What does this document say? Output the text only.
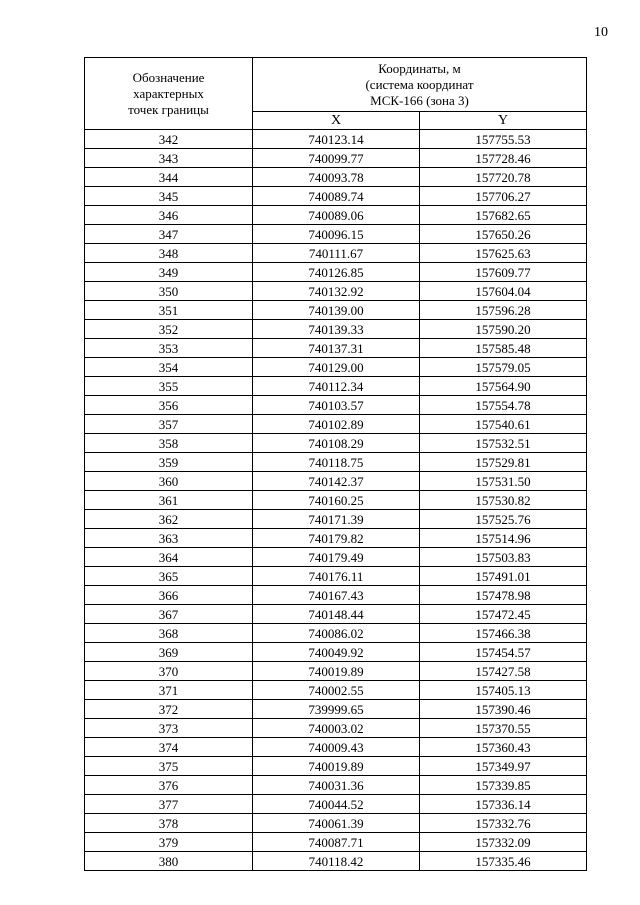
10
Обозначение
характерных
точек границы	Координаты, м
(система координат
МСК-166 (зона 3)	

	X	Y
342	740123.14	157755.53
343	740099.77	157728.46
344	740093.78	157720.78
345	740089.74	157706.27
346	740089.06	157682.65
347	740096.15	157650.26
348	740111.67	157625.63
349	740126.85	157609.77
350	740132.92	157604.04
351	740139.00	157596.28
352	740139.33	157590.20
353	740137.31	157585.48
354	740129.00	157579.05
355	740112.34	157564.90
356	740103.57	157554.78
357	740102.89	157540.61
358	740108.29	157532.51
359	740118.75	157529.81
360	740142.37	157531.50
361	740160.25	157530.82
362	740171.39	157525.76
363	740179.82	157514.96
364	740179.49	157503.83
365	740176.11	157491.01
366	740167.43	157478.98
367	740148.44	157472.45
368	740086.02	157466.38
369	740049.92	157454.57
370	740019.89	157427.58
371	740002.55	157405.13
372	739999.65	157390.46
373	740003.02	157370.55
374	740009.43	157360.43
375	740019.89	157349.97
376	740031.36	157339.85
377	740044.52	157336.14
378	740061.39	157332.76
379	740087.71	157332.09
380	740118.42	157335.46
